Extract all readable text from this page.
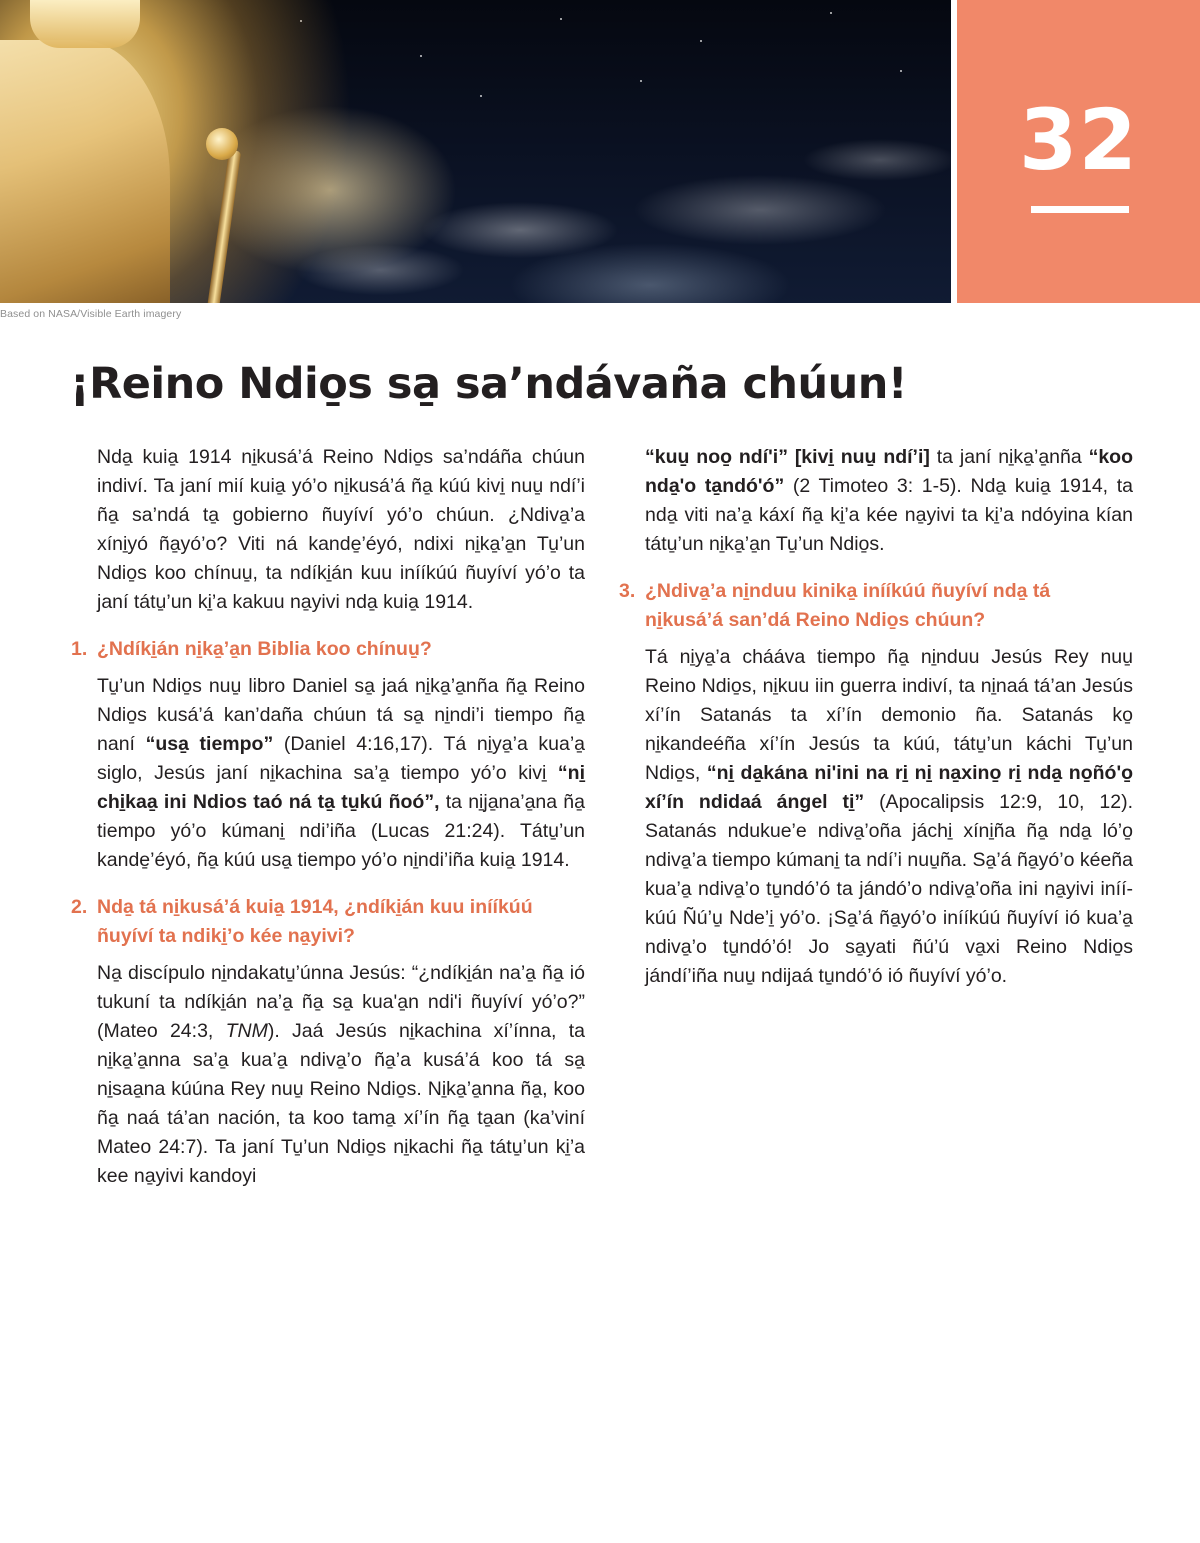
Based on NASA/Visible Earth imagery
32
¡Reino Ndio̱s sa̱ sa’ndávaña chúun!

Nda̱ kuia̱ 1914 ni̱kusá’á Reino Ndio̱s sa’ndáña chúun indiví. Ta janí mií kuia̱ yó’o ni̱kusá’á ña̱ kúú kivi̱ nuu̱ ndí’i ña̱ sa’ndá ta̱ gobierno ñuyíví yó’o chúun. ¿Ndiva̱’a xíni̱yó ña̱yó’o? Viti ná kande̱’éyó, ndixi ni̱ka̱’a̱n Tu̱’un Ndio̱s koo chínuu̱, ta ndíki̱án kuu inííkúú ñuyíví yó’o ta janí tátu̱’un ki̱’a kakuu na̱yivi nda̱ kuia̱ 1914.

1. ¿Ndíki̱án ni̱ka̱’a̱n Biblia koo chínuu̱?

Tu̱’un Ndio̱s nuu̱ libro Daniel sa̱ jaá ni̱ka̱’a̱nña ña̱ Reino Ndio̱s kusá’á kan’daña chúun tá sa̱ ni̱ndi’i tiempo ña̱ naní “usa̱ tiempo” (Daniel 4:16,17). Tá ni̱ya̱’a kua’a̱ siglo, Jesús janí ni̱kachina sa’a̱ tiempo yó’o kivi̱ “ni̱ chi̱kaa̱ ini Ndios taó ná ta̱ tu̱kú ñoó”, ta ni̱ja̱na’a̱na ña̱ tiempo yó’o kúmani̱ ndi’iña (Lucas 21:24). Tátu̱’un kande̱’éyó, ña̱ kúú usa̱ tiempo yó’o ni̱ndi’iña kuia̱ 1914.

2. Nda̱ tá ni̱kusá’á kuia̱ 1914, ¿ndíki̱án kuu inííkúú ñuyíví ta ndiki̱’o kée na̱yivi?

Na̱ discípulo ni̱ndakatu̱’únna Jesús: “¿ndíki̱án na’a̱ ña̱ ió tukuní ta ndíki̱án na’a̱ ña̱ sa̱ kua'a̱n ndi'i ñuyíví yó’o?” (Mateo 24:3, TNM). Jaá Jesús ni̱kachina xí’ínna, ta ni̱ka̱’a̱nna sa’a̱ kua’a̱ ndiva̱’o ña̱’a kusá’á koo tá sa̱ ni̱saa̱na kúúna Rey nuu̱ Reino Ndio̱s. Ni̱ka̱’a̱nna ña̱, koo ña̱ naá tá’an nación, ta koo tama̱ xí’ín ña̱ ta̱an (ka’viní Mateo 24:7). Ta janí Tu̱’un Ndio̱s ni̱kachi ña̱ tátu̱’un ki̱’a kee na̱yivi kandoyi

“kuu̱ noo̱ ndí'i” [kivi̱ nuu̱ ndí’i] ta janí ni̱ka̱’a̱nña “koo nda̱'o ta̱ndó'ó” (2 Timoteo 3: 1-5). Nda̱ kuia̱ 1914, ta nda̱ viti na’a̱ káxí ña̱ ki̱’a kée na̱yivi ta ki̱’a ndóyina kían tátu̱’un ni̱ka̱’a̱n Tu̱’un Ndio̱s.

3. ¿Ndiva̱’a ni̱nduu kinika̱ inííkúú ñuyíví nda̱ tá ni̱kusá’á san’dá Reino Ndio̱s chúun?

Tá ni̱ya̱’a chááva tiempo ña̱ ni̱nduu Jesús Rey nuu̱ Reino Ndio̱s, ni̱kuu iin guerra indiví, ta ni̱naá tá’an Jesús xí’ín Satanás ta xí’ín demonio ña. Satanás ko̱ ni̱kandeéña xí’ín Jesús ta kúú, tátu̱’un káchi Tu̱’un Ndio̱s, “ni̱ da̱kána ni'ini na ri̱ ni̱ na̱xino̱ ri̱ nda̱ no̱ñó'o̱ xí’ín ndidaá ángel ti̱” (Apocalipsis 12:9, 10, 12). Satanás ndukue’e ndiva̱’oña jáchi̱ xíni̱ña ña̱ nda̱ ló’o̱ ndiva̱’a tiempo kúmani̱ ta ndí’i nuu̱ña. Sa̱’á ña̱yó’o kéeña kua’a̱ ndiva̱’o tu̱ndó’ó ta jándó’o ndiva̱’oña ini na̱yivi inííkúú Ñú’u̱ Nde’i̱ yó’o. ¡Sa̱’á ña̱yó’o inííkúú ñuyíví ió kua’a̱ ndiva̱’o tu̱ndó’ó! Jo sa̱yati ñú’ú va̱xi Reino Ndio̱s jándí’iña nuu̱ ndijaá tu̱ndó’ó ió ñuyíví yó’o.
